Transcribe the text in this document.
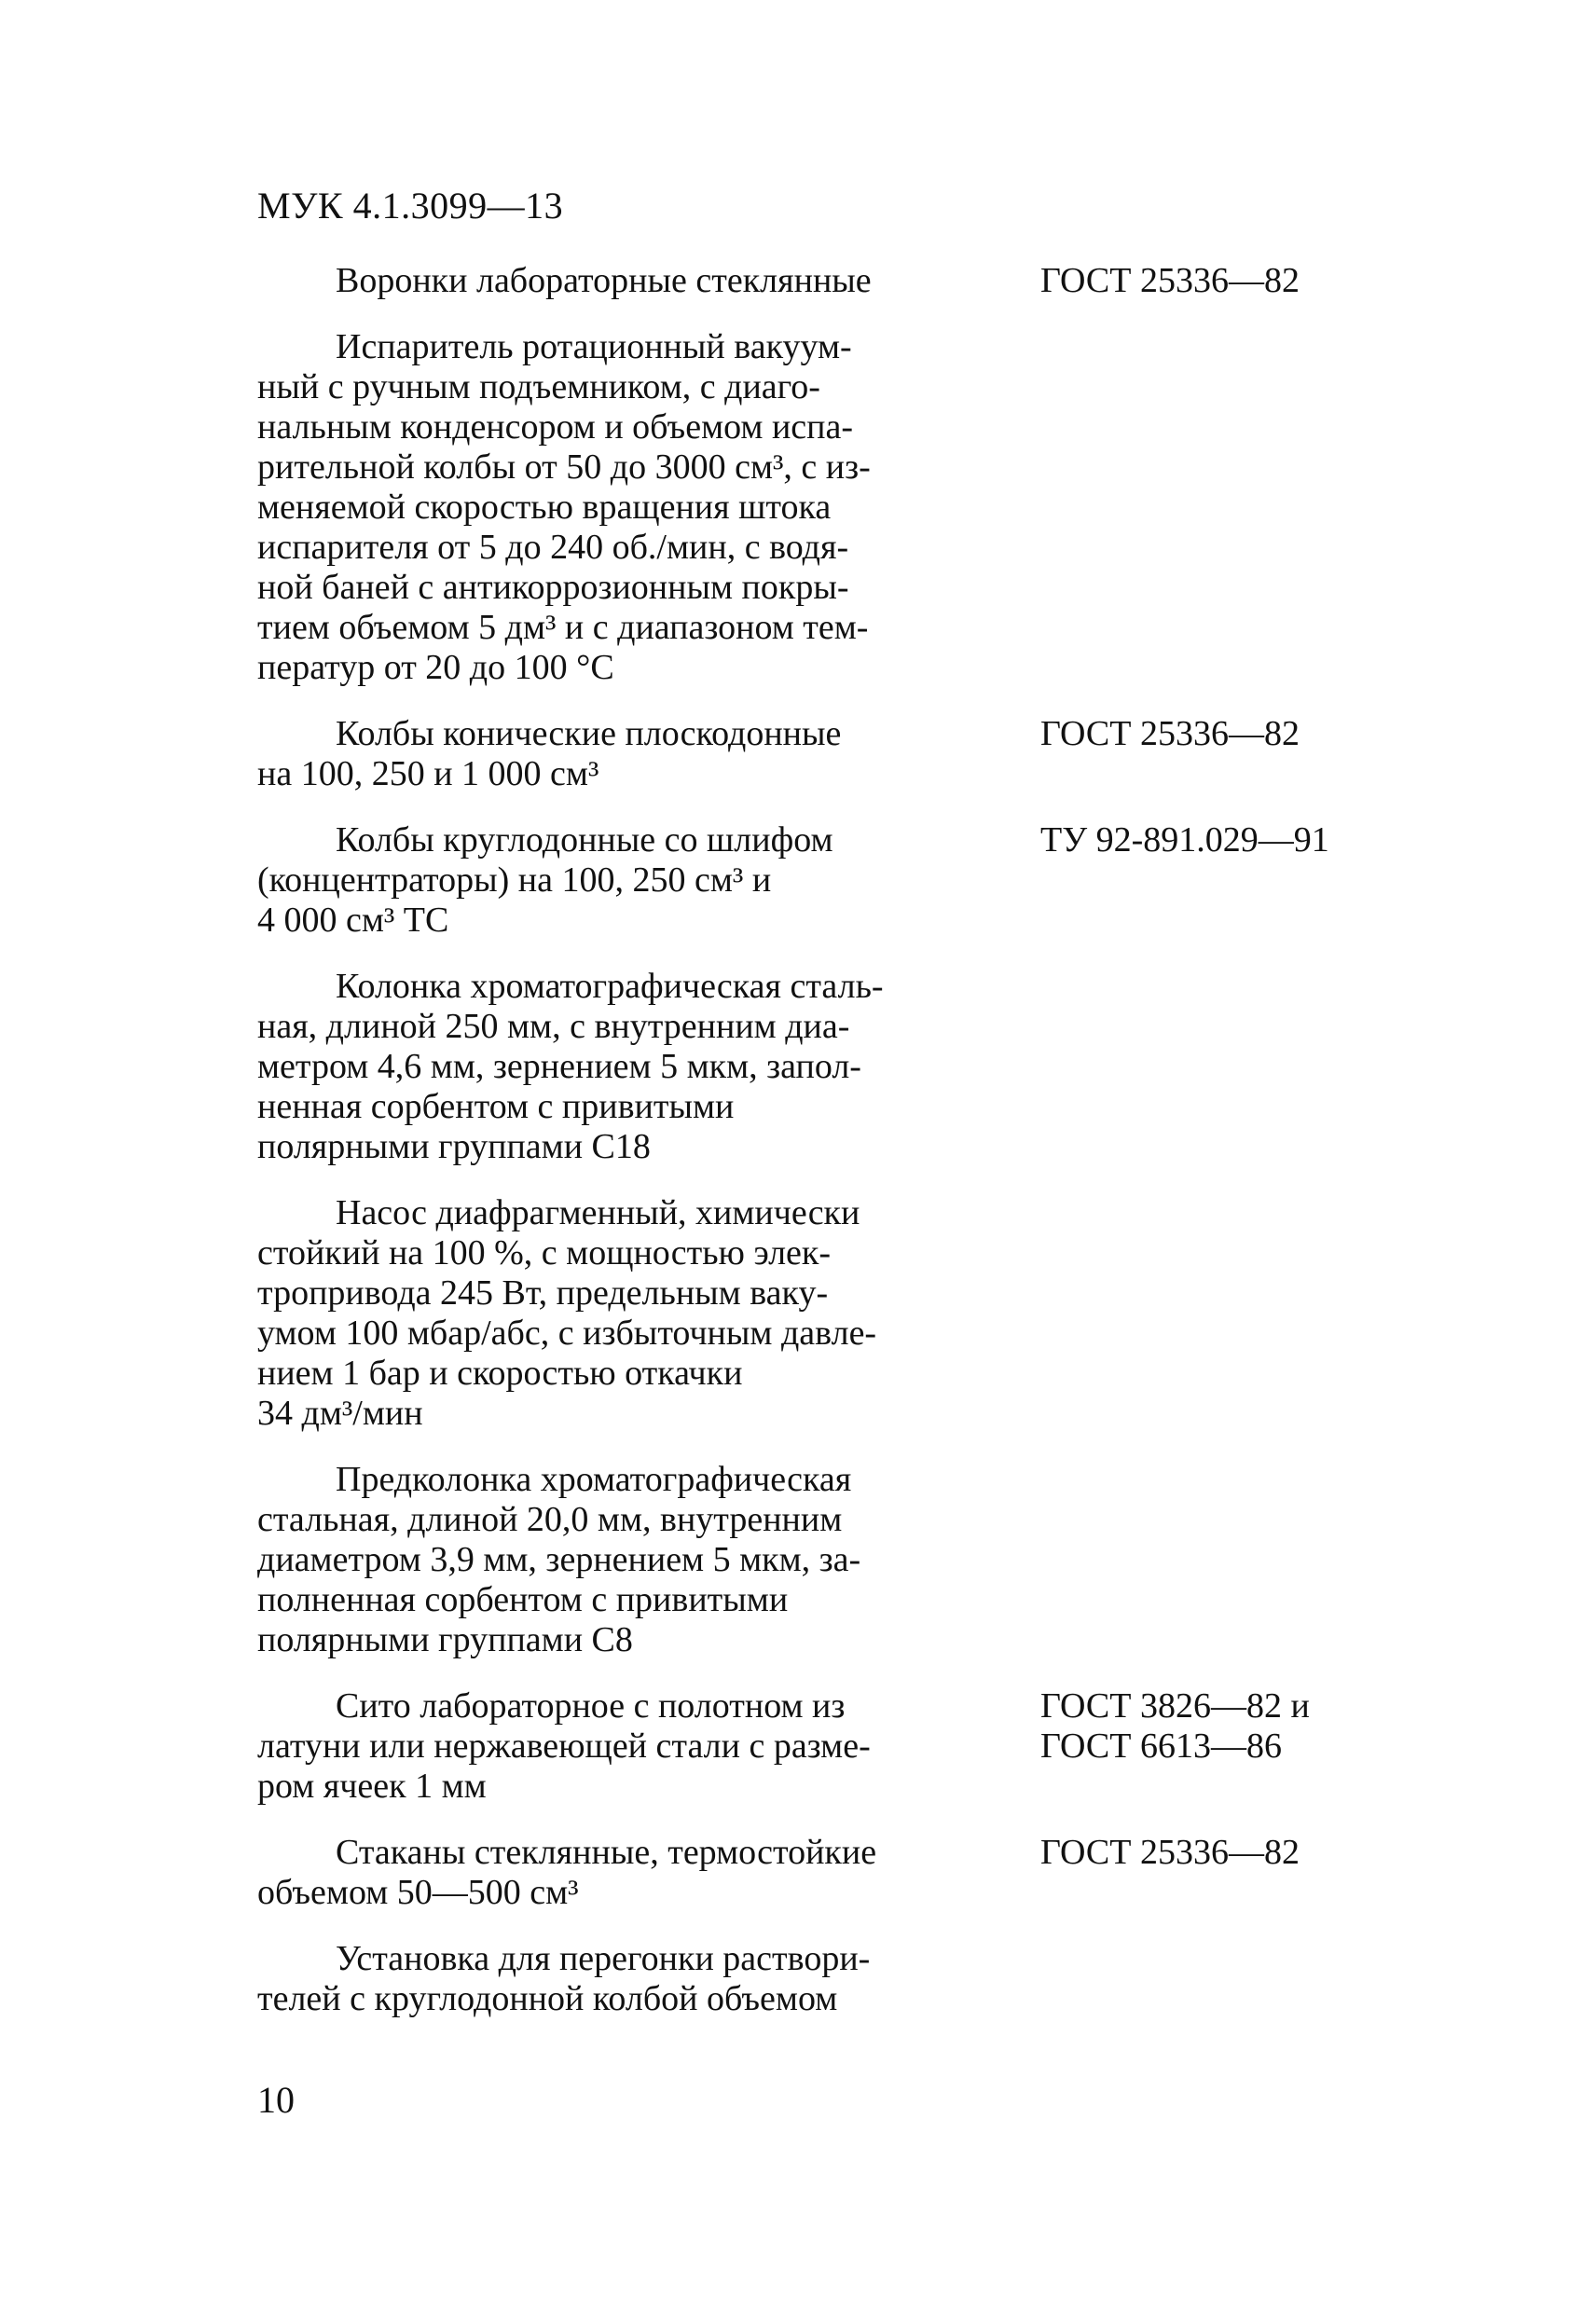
МУК 4.1.3099—13
Воронки лабораторные стеклянные	ГОСТ 25336—82
Испаритель ротационный вакуум-
ный с ручным подъемником, с диаго-
нальным конденсором и объемом испа-
рительной колбы от 50 до 3000 см³, с из-
меняемой скоростью вращения штока
испарителя от 5 до 240 об./мин, с водя-
ной баней с антикоррозионным покры-
тием объемом 5 дм³ и с диапазоном тем-
ператур от 20 до 100 °С
Колбы конические плоскодонные
на 100, 250 и 1 000 см³
ГОСТ 25336—82
Колбы круглодонные со шлифом
(концентраторы) на 100, 250 см³ и
4 000 см³ ТС
ТУ 92-891.029—91
Колонка хроматографическая сталь-
ная, длиной 250 мм, с внутренним диа-
метром 4,6 мм, зернением 5 мкм, запол-
ненная сорбентом с привитыми
полярными группами С18
Насос диафрагменный, химически
стойкий на 100 %, с мощностью элек-
тропривода 245 Вт, предельным ваку-
умом 100 мбар/абс, с избыточным давле-
нием 1 бар и скоростью откачки
34 дм³/мин
Предколонка хроматографическая
стальная, длиной 20,0 мм, внутренним
диаметром 3,9 мм, зернением 5 мкм, за-
полненная сорбентом с привитыми
полярными группами С8
Сито лабораторное с полотном из
латуни или нержавеющей стали с разме-
ром ячеек 1 мм
ГОСТ 3826—82 и
ГОСТ 6613—86
Стаканы стеклянные, термостойкие
объемом 50—500 см³
ГОСТ 25336—82
Установка для перегонки раствори-
телей с круглодонной колбой объемом
10
